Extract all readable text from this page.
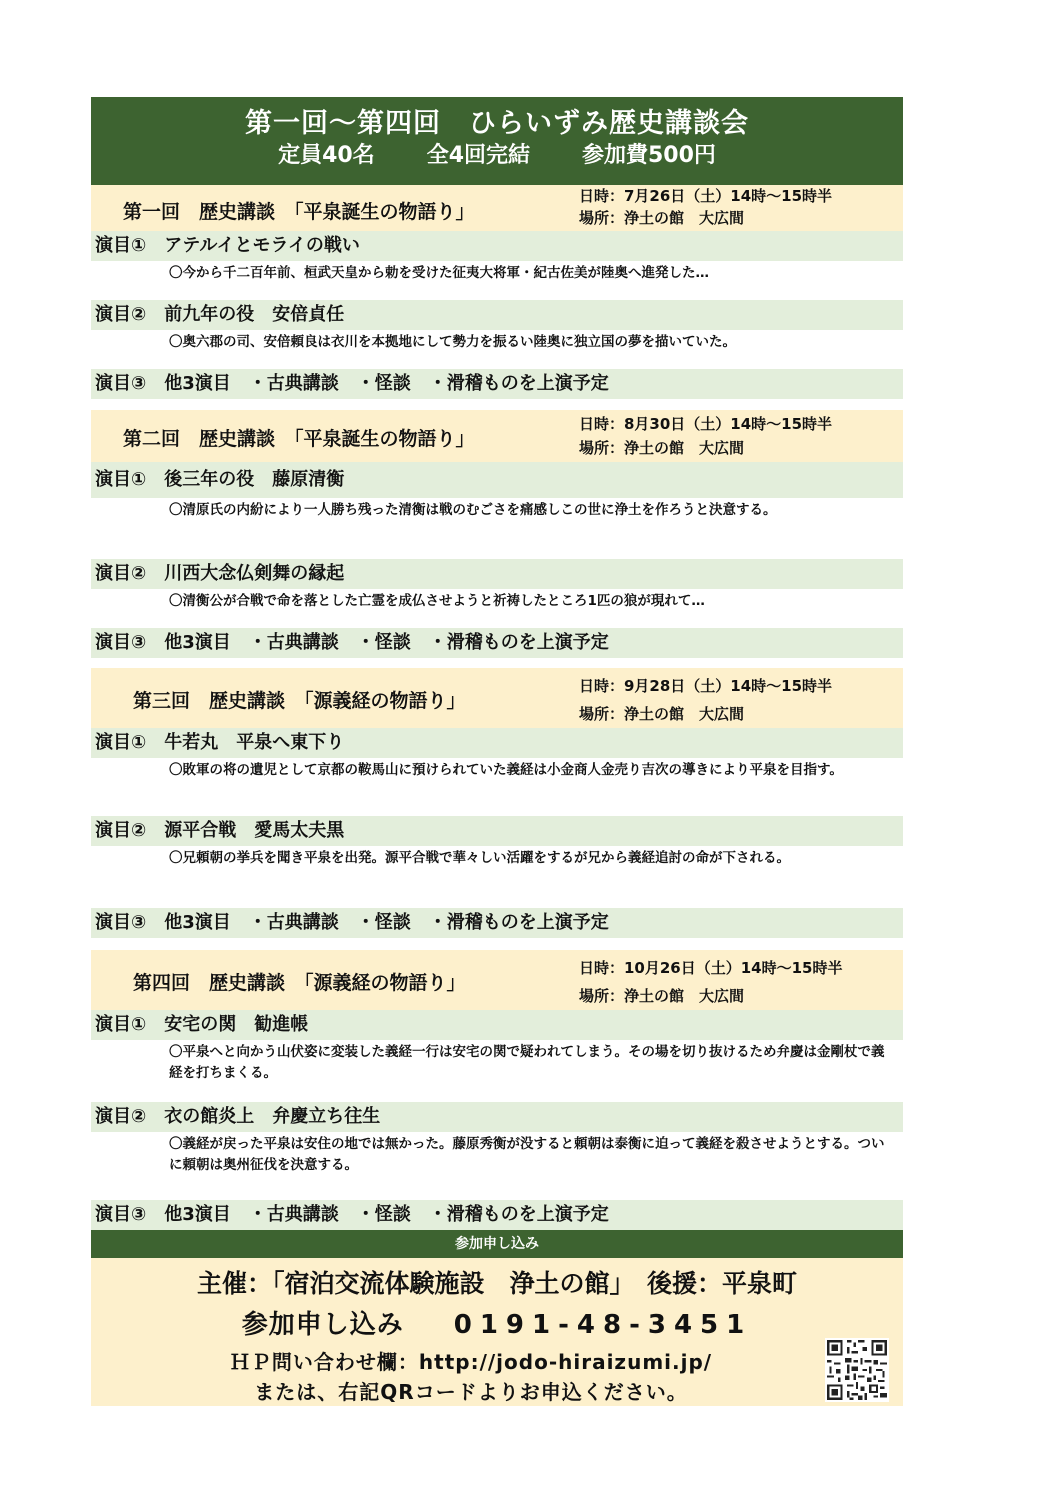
第一回～第四回　ひらいずみ歴史講談会
定員40名 全4回完結 参加費500円
第一回　歴史講談　「平泉誕生の物語り」
日時：7月26日（土）14時～15時半
場所：浄土の館　大広間
演目①　アテルイとモライの戦い
〇今から千二百年前、桓武天皇から勅を受けた征夷大将軍・紀古佐美が陸奥へ進発した…
演目②　前九年の役　安倍貞任
〇奥六郡の司、安倍頼良は衣川を本拠地にして勢力を振るい陸奥に独立国の夢を描いていた。
演目③　他3演目　・古典講談　・怪談　・滑稽ものを上演予定
第二回　歴史講談　「平泉誕生の物語り」
日時：8月30日（土）14時～15時半
場所：浄土の館　大広間
演目①　後三年の役　藤原清衡
〇清原氏の内紛により一人勝ち残った清衡は戦のむごさを痛感しこの世に浄土を作ろうと決意する。
演目②　川西大念仏剣舞の縁起
〇清衡公が合戦で命を落とした亡霊を成仏させようと祈祷したところ1匹の狼が現れて…
演目③　他3演目　・古典講談　・怪談　・滑稽ものを上演予定
第三回　歴史講談　「源義経の物語り」
日時：9月28日（土）14時～15時半
場所：浄土の館　大広間
演目①　牛若丸　平泉へ東下り
〇敗軍の将の遺児として京都の鞍馬山に預けられていた義経は小金商人金売り吉次の導きにより平泉を目指す。
演目②　源平合戦　愛馬太夫黒
〇兄頼朝の挙兵を聞き平泉を出発。源平合戦で華々しい活躍をするが兄から義経追討の命が下される。
演目③　他3演目　・古典講談　・怪談　・滑稽ものを上演予定
第四回　歴史講談　「源義経の物語り」
日時：10月26日（土）14時～15時半
場所：浄土の館　大広間
演目①　安宅の関　勧進帳
〇平泉へと向かう山伏姿に変装した義経一行は安宅の関で疑われてしまう。その場を切り抜けるため弁慶は金剛杖で義経を打ちまくる。
演目②　衣の館炎上　弁慶立ち往生
〇義経が戻った平泉は安住の地では無かった。藤原秀衡が没すると頼朝は泰衡に迫って義経を殺させようとする。ついに頼朝は奥州征伐を決意する。
演目③　他3演目　・古典講談　・怪談　・滑稽ものを上演予定
参加申し込み
主催：「宿泊交流体験施設　浄土の館」　後援：平泉町
参加申し込み 0191-48-3451
ＨＰ問い合わせ欄：http://jodo-hiraizumi.jp/
または、右記QRコードよりお申込ください。
